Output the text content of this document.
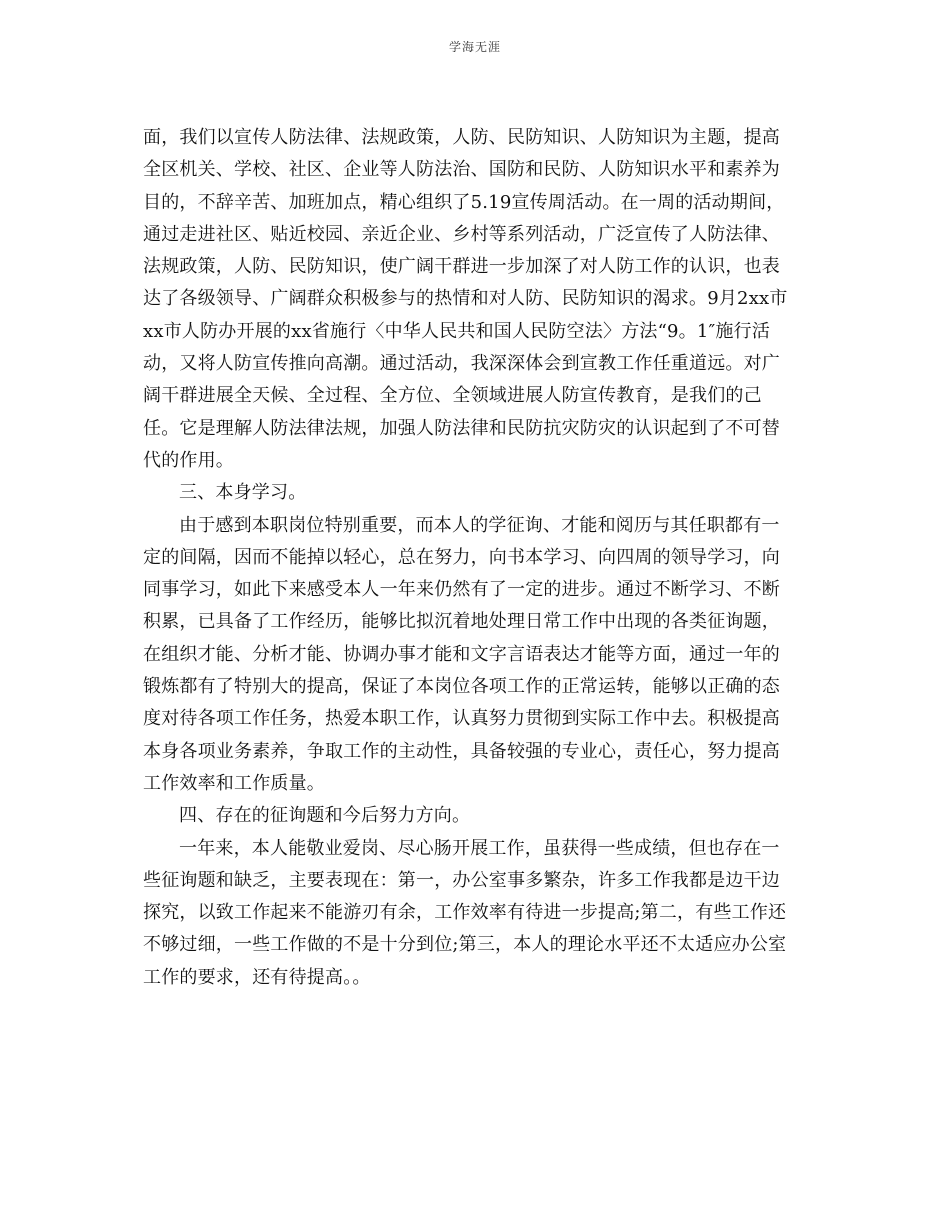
学海无涯
面，我们以宣传人防法律、法规政策，人防、民防知识、人防知识为主题，提高
全区机关、学校、社区、企业等人防法治、国防和民防、人防知识水平和素养为
目的，不辞辛苦、加班加点，精心组织了5.19宣传周活动。在一周的活动期间，
通过走进社区、贴近校园、亲近企业、乡村等系列活动，广泛宣传了人防法律、
法规政策，人防、民防知识，使广阔干群进一步加深了对人防工作的认识，也表
达了各级领导、广阔群众积极参与的热情和对人防、民防知识的渴求。9月2xx市
xx市人防办开展的xx省施行〈中华人民共和国人民防空法〉方法“9。1″施行活
动，又将人防宣传推向高潮。通过活动，我深深体会到宣教工作任重道远。对广
阔干群进展全天候、全过程、全方位、全领域进展人防宣传教育，是我们的己
任。它是理解人防法律法规，加强人防法律和民防抗灾防灾的认识起到了不可替
代的作用。
三、本身学习。
由于感到本职岗位特别重要，而本人的学征询、才能和阅历与其任职都有一
定的间隔，因而不能掉以轻心，总在努力，向书本学习、向四周的领导学习，向
同事学习，如此下来感受本人一年来仍然有了一定的进步。通过不断学习、不断
积累，已具备了工作经历，能够比拟沉着地处理日常工作中出现的各类征询题，
在组织才能、分析才能、协调办事才能和文字言语表达才能等方面，通过一年的
锻炼都有了特别大的提高，保证了本岗位各项工作的正常运转，能够以正确的态
度对待各项工作任务，热爱本职工作，认真努力贯彻到实际工作中去。积极提高
本身各项业务素养，争取工作的主动性，具备较强的专业心，责任心，努力提高
工作效率和工作质量。
四、存在的征询题和今后努力方向。
一年来，本人能敬业爱岗、尽心肠开展工作，虽获得一些成绩，但也存在一
些征询题和缺乏，主要表现在：第一，办公室事多繁杂，许多工作我都是边干边
探究，以致工作起来不能游刃有余，工作效率有待进一步提高;第二，有些工作还
不够过细，一些工作做的不是十分到位;第三，本人的理论水平还不太适应办公室
工作的要求，还有待提高。。
